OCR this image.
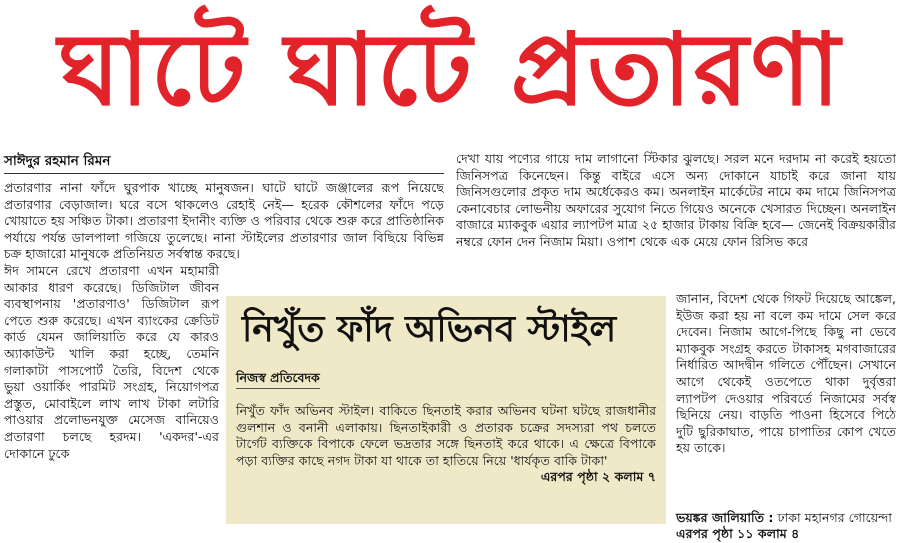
ঘাটে ঘাটে প্রতারণা
সাঈদুর রহমান রিমন

প্রতারণার নানা ফাঁদে ঘুরপাক খাচ্ছে মানুষজন। ঘাটে ঘাটে জঞ্জালের রূপ নিয়েছে প্রতারণার বেড়াজাল। ঘরে বসে থাকলেও রেহাই নেই— হরেক কৌশলের ফাঁদে পড়ে খোয়াতে হয় সঞ্চিত টাকা। প্রতারণা ইদানীং ব্যক্তি ও পরিবার থেকে শুরু করে প্রাতিষ্ঠানিক পর্যায়ে পর্যন্ত ডালপালা গজিয়ে তুলেছে। নানা স্টাইলের প্রতারণার জাল বিছিয়ে বিভিন্ন চক্র হাজারো মানুষকে প্রতিনিয়ত সর্বস্বান্ত করছে।

ঈদ সামনে রেখে প্রতারণা এখন মহামারী আকার ধারণ করেছে। ডিজিটাল জীবন ব্যবস্থাপনায় 'প্রতারণাও' ডিজিটাল রূপ পেতে শুরু করেছে। এখন ব্যাংকের ক্রেডিট কার্ড যেমন জালিয়াতি করে যে কারও অ্যাকাউন্ট খালি করা হচ্ছে, তেমনি গলাকাটা পাসপোর্ট তৈরি, বিদেশ থেকে ভুয়া ওয়ার্কিং পারমিট সংগ্রহ, নিয়োগপত্র প্রস্তুত, মোবাইলে লাখ লাখ টাকা লটারি পাওয়ার প্রলোভনযুক্ত মেসেজ বানিয়েও প্রতারণা চলছে হরদম। 'একদর'-এর দোকানে ঢুকে

দেখা যায় পণ্যের গায়ে দাম লাগানো স্টিকার ঝুলছে। সরল মনে দরদাম না করেই হয়তো জিনিসপত্র কিনেছেন। কিন্তু বাইরে এসে অন্য দোকানে যাচাই করে জানা যায় জিনিসগুলোর প্রকৃত দাম অর্ধেকেরও কম। অনলাইন মার্কেটের নামে কম দামে জিনিসপত্র কেনাবেচার লোভনীয় অফারের সুযোগ নিতে গিয়েও অনেকে খেসারত দিচ্ছেন। অনলাইন বাজারে ম্যাকবুক এয়ার ল্যাপটপ মাত্র ২৫ হাজার টাকায় বিক্রি হবে— জেনেই বিক্রয়কারীর নম্বরে ফোন দেন নিজাম মিয়া। ওপাশ থেকে এক মেয়ে ফোন রিসিভ করে
জানান, বিদেশ থেকে গিফট দিয়েছে আঙ্কেল, ইউজ করা হয় না বলে কম দামে সেল করে দেবেন। নিজাম আগে-পিছে কিছু না ভেবে ম্যাকবুক সংগ্রহ করতে টাকাসহ মগবাজারের নির্ধারিত আদদ্বীন গলিতে পৌঁছেন। সেখানে আগে থেকেই ওতপেতে থাকা দুর্বৃত্তরা ল্যাপটপ দেওয়ার পরিবর্তে নিজামের সর্বস্ব ছিনিয়ে নেয়। বাড়তি পাওনা হিসেবে পিঠে দুটি ছুরিকাঘাত, পায়ে চাপাতির কোপ খেতে হয় তাকে।
ভয়ঙ্কর জালিয়াতি : ঢাকা মহানগর গোয়েন্দা এরপর পৃষ্ঠা ১১ কলাম ৪
নিখুঁত ফাঁদ অভিনব স্টাইল
নিজস্ব প্রতিবেদক
নিখুঁত ফাঁদ অভিনব স্টাইল। বাকিতে ছিনতাই করার অভিনব ঘটনা ঘটছে রাজধানীর গুলশান ও বনানী এলাকায়। ছিনতাইকারী ও প্রতারক চক্রের সদস্যরা পথ চলতে টার্গেট ব্যক্তিকে বিপাকে ফেলে ভদ্রতার সঙ্গে ছিনতাই করে থাকে। এ ক্ষেত্রে বিপাকে পড়া ব্যক্তির কাছে নগদ টাকা যা থাকে তা হাতিয়ে নিয়ে 'ধার্যকৃত বাকি টাকা'
এরপর পৃষ্ঠা ২ কলাম ৭
